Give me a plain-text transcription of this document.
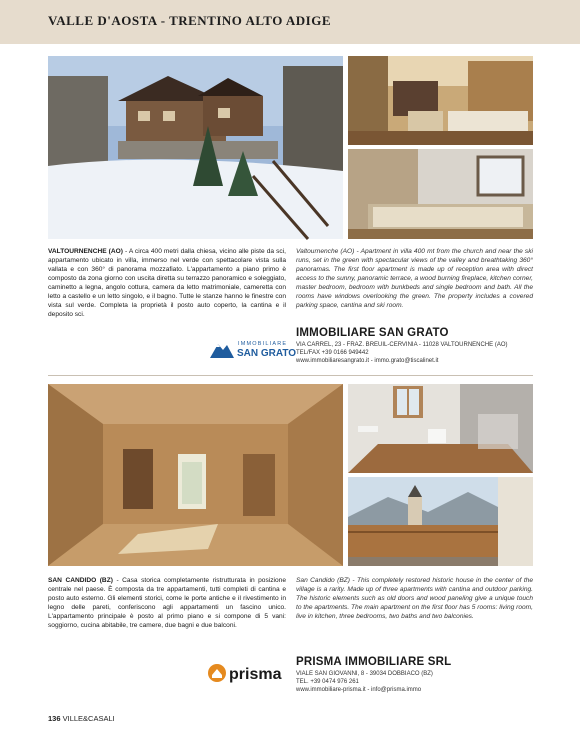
VALLE D'AOSTA - TRENTINO ALTO ADIGE

VALTOURNENCHE (AO) - A circa 400 metri dalla chiesa, vicino alle piste da sci, appartamento ubicato in villa, immerso nel verde con spettacolare vista sulla vallata e con 360° di panorama mozzafiato. L'appartamento a piano primo è composto da zona giorno con uscita diretta su terrazzo panoramico e soleggiato, caminetto a legna, angolo cottura, camera da letto matrimoniale, cameretta con letto a castello e un letto singolo, e il bagno. Tutte le stanze hanno le finestre con vista sul verde. Completa la proprietà il posto auto coperto, la cantina e il deposito sci.

Valtournenche (AO) - Apartment in villa 400 mt from the church and near the ski runs, set in the green with spectacular views of the valley and breathtaking 360° panoramas. The first floor apartment is made up of reception area with direct access to the sunny, panoramic terrace, a wood burning fireplace, kitchen corner, master bedroom, bedroom with bunkbeds and single bedroom and bath. All the rooms have windows overlooking the green. The property includes a covered parking space, cantina and ski room.

IMMOBILIARE
SAN GRATO
IMMOBILIARE SAN GRATO
VIA CARREL, 23 - FRAZ. BREUIL-CERVINIA - 11028 VALTOURNENCHE (AO)
TEL/FAX +39 0166 949442
www.immobiliaresangrato.it - immo.grato@tiscalinet.it

SAN CANDIDO (BZ) - Casa storica completamente ristrutturata in posizione centrale nel paese. È composta da tre appartamenti, tutti completi di cantina e posto auto esterno. Gli elementi storici, come le porte antiche e il rivestimento in legno delle pareti, conferiscono agli appartamenti un fascino unico. L'appartamento principale è posto al primo piano e si compone di 5 vani: soggiorno, cucina abitabile, tre camere, due bagni e due balconi.

San Candido (BZ) - This completely restored historic house in the center of the village is a rarity. Made up of three apartments with cantina and outdoor parking. The historic elements such as old doors and wood paneling give a unique touch to the apartments. The main apartment on the first floor has 5 rooms: living room, live in kitchen, three bedrooms, two baths and two balconies.

prisma
PRISMA IMMOBILIARE SRL
VIALE SAN GIOVANNI, 8 - 39034 DOBBIACO (BZ)
TEL. +39 0474 976 261
www.immobiliare-prisma.it - info@prisma.immo
136 VILLE&CASALI
